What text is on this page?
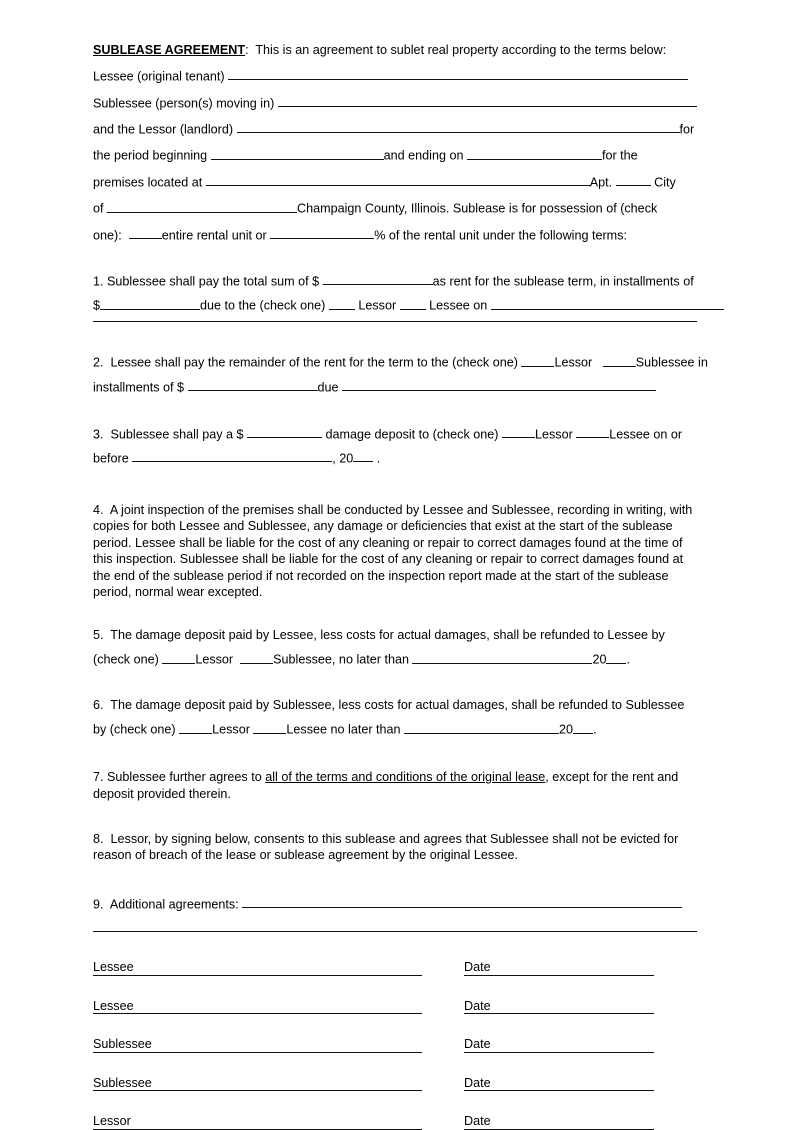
SUBLEASE AGREEMENT: This is an agreement to sublet real property according to the terms below:
Lessee (original tenant)
Sublessee (person(s) moving in)
and the Lessor (landlord)	for
the period beginning	and ending on	for the
premises located at	Apt.	City
of	Champaign County, Illinois. Sublease is for possession of (check
one):	entire rental unit or	% of the rental unit under the following terms:
1. Sublessee shall pay the total sum of $	as rent for the sublease term, in installments of
$	due to the (check one)	Lessor	Lessee on
2. Lessee shall pay the remainder of the rent for the term to the (check one)	Lessor	Sublessee in
installments of $	due
3. Sublessee shall pay a $	damage deposit to (check one)	Lessor	Lessee on or
before	, 20 .
4. A joint inspection of the premises shall be conducted by Lessee and Sublessee, recording in writing, with copies for both Lessee and Sublessee, any damage or deficiencies that exist at the start of the sublease period. Lessee shall be liable for the cost of any cleaning or repair to correct damages found at the time of this inspection. Sublessee shall be liable for the cost of any cleaning or repair to correct damages found at the end of the sublease period if not recorded on the inspection report made at the start of the sublease period, normal wear excepted.
5. The damage deposit paid by Lessee, less costs for actual damages, shall be refunded to Lessee by
(check one)	Lessor	Sublessee, no later than	20 .
6. The damage deposit paid by Sublessee, less costs for actual damages, shall be refunded to Sublessee
by (check one)	Lessor	Lessee no later than	20 .
7. Sublessee further agrees to all of the terms and conditions of the original lease, except for the rent and deposit provided therein.
8. Lessor, by signing below, consents to this sublease and agrees that Sublessee shall not be evicted for reason of breach of the lease or sublease agreement by the original Lessee.
9. Additional agreements:
Lessee	Date
Lessee	Date
Sublessee	Date
Sublessee	Date
Lessor	Date
